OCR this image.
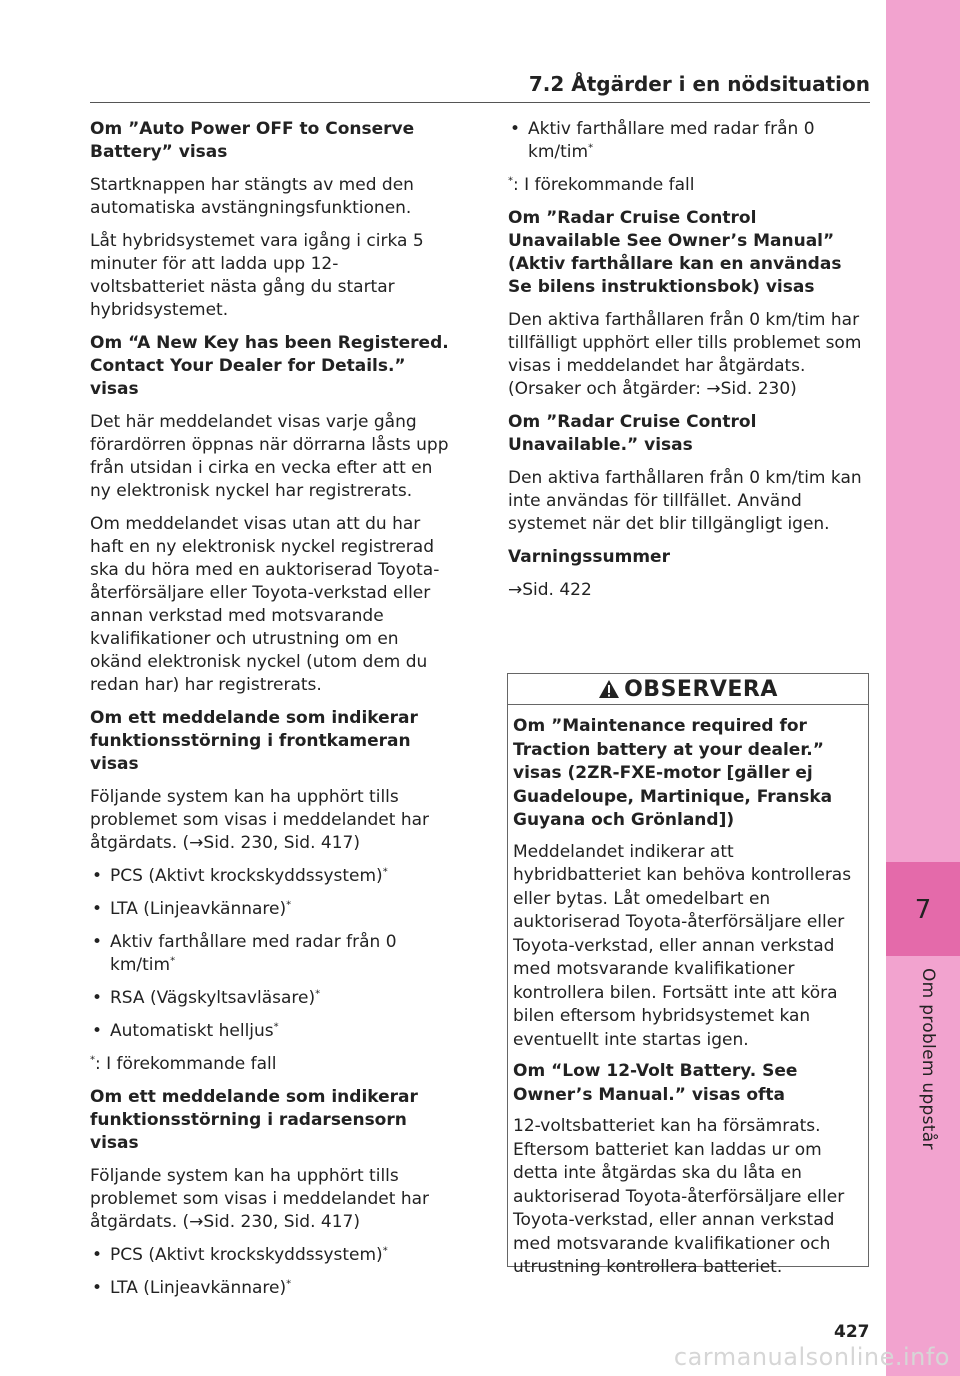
7
Om problem uppstår
7.2 Åtgärder i en nödsituation
Om ”Auto Power OFF to Conserve Battery” visas
Startknappen har stängts av med den automatiska avstängningsfunktionen.
Låt hybridsystemet vara igång i cirka 5 minuter för att ladda upp 12-voltsbatteriet nästa gång du startar hybridsystemet.
Om “A New Key has been Registered. Contact Your Dealer for Details.” visas
Det här meddelandet visas varje gång förardörren öppnas när dörrarna låsts upp från utsidan i cirka en vecka efter att en ny elektronisk nyckel har registrerats.
Om meddelandet visas utan att du har haft en ny elektronisk nyckel registrerad ska du höra med en auktoriserad Toyota-återförsäljare eller Toyota-verkstad eller annan verkstad med motsvarande kvalifikationer och utrustning om en okänd elektronisk nyckel (utom dem du redan har) har registrerats.
Om ett meddelande som indikerar funktionsstörning i frontkameran visas
Följande system kan ha upphört tills problemet som visas i meddelandet har åtgärdats. (→Sid. 230, Sid. 417)
• PCS (Aktivt krockskyddssystem)*
• LTA (Linjeavkännare)*
• Aktiv farthållare med radar från 0 km/tim*
• RSA (Vägskyltsavläsare)*
• Automatiskt helljus*
*: I förekommande fall
Om ett meddelande som indikerar funktionsstörning i radarsensorn visas
Följande system kan ha upphört tills problemet som visas i meddelandet har åtgärdats. (→Sid. 230, Sid. 417)
• PCS (Aktivt krockskyddssystem)*
• LTA (Linjeavkännare)*
• Aktiv farthållare med radar från 0 km/tim*
*: I förekommande fall
Om ”Radar Cruise Control Unavailable See Owner’s Manual” (Aktiv farthållare kan en användas Se bilens instruktionsbok) visas
Den aktiva farthållaren från 0 km/tim har tillfälligt upphört eller tills problemet som visas i meddelandet har åtgärdats. (Orsaker och åtgärder: →Sid. 230)
Om ”Radar Cruise Control Unavailable.” visas
Den aktiva farthållaren från 0 km/tim kan inte användas för tillfället. Använd systemet när det blir tillgängligt igen.
Varningssummer
→Sid. 422
OBSERVERA
Om ”Maintenance required for Traction battery at your dealer.” visas (2ZR-FXE-motor [gäller ej Guadeloupe, Martinique, Franska Guyana och Grönland])
Meddelandet indikerar att hybridbatteriet kan behöva kontrolleras eller bytas. Låt omedelbart en auktoriserad Toyota-återförsäljare eller Toyota-verkstad, eller annan verkstad med motsvarande kvalifikationer kontrollera bilen. Fortsätt inte att köra bilen eftersom hybridsystemet kan eventuellt inte startas igen.
Om “Low 12-Volt Battery. See Owner’s Manual.” visas ofta
12-voltsbatteriet kan ha försämrats. Eftersom batteriet kan laddas ur om detta inte åtgärdas ska du låta en auktoriserad Toyota-återförsäljare eller Toyota-verkstad, eller annan verkstad med motsvarande kvalifikationer och utrustning kontrollera batteriet.
427
carmanualsonline.info
